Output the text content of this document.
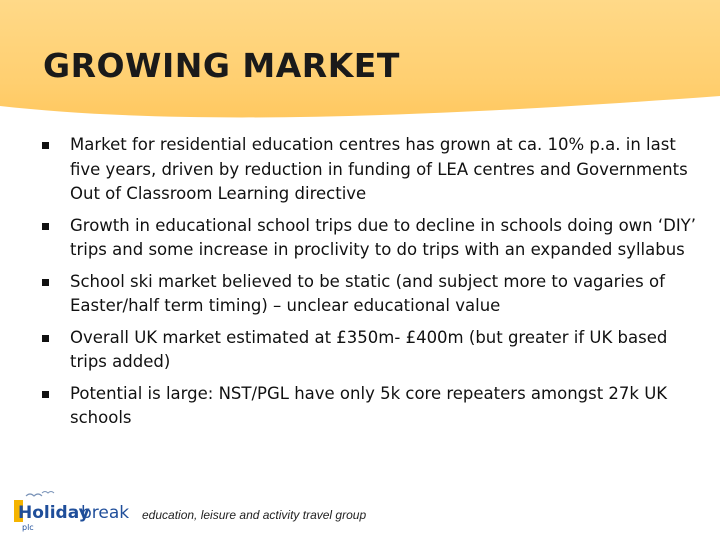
GROWING MARKET
Market for residential education centres has grown at ca. 10% p.a. in last five years, driven by reduction in funding of LEA centres and Governments Out of Classroom Learning directive
Growth in educational school trips due to decline in schools doing own ‘DIY’ trips and some increase in proclivity to do trips with an expanded syllabus
School ski market believed to be static (and subject more to vagaries of Easter/half term timing) – unclear educational value
Overall UK market estimated at £350m- £400m (but greater if UK based trips added)
Potential is large: NST/PGL have only 5k core repeaters amongst 27k UK schools
Holiday
break
plc
education, leisure and activity travel group
